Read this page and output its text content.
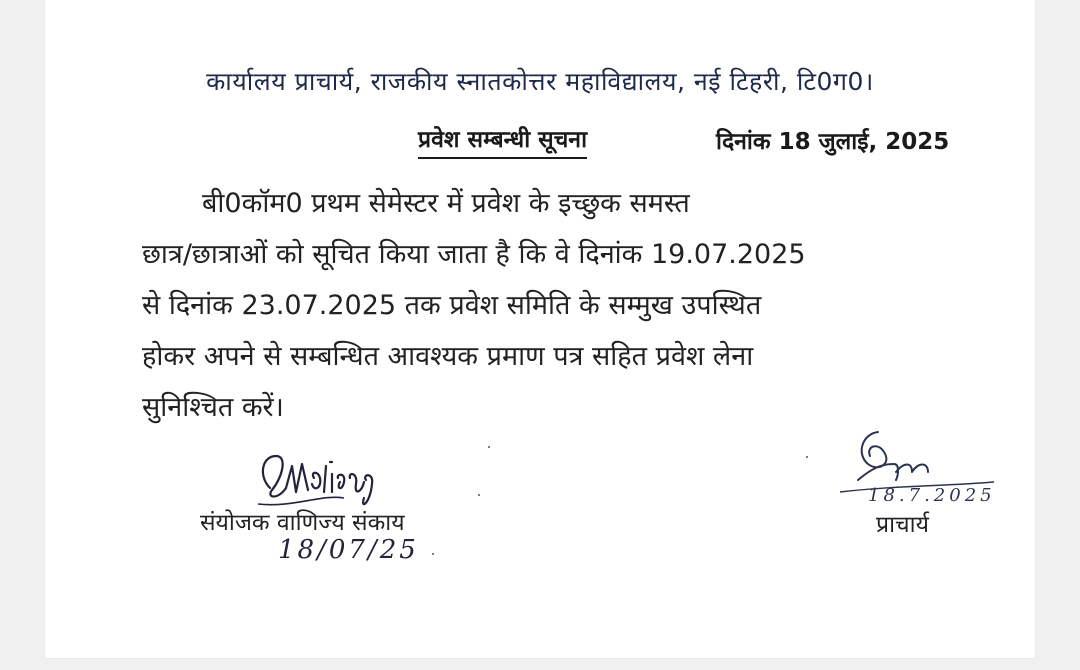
कार्यालय प्राचार्य, राजकीय स्नातकोत्तर महाविद्यालय, नई टिहरी, टि0ग0।
प्रवेश सम्बन्धी सूचना	दिनांक 18 जुलाई, 2025
बी0कॉम0 प्रथम सेमेस्टर में प्रवेश के इच्छुक समस्त
छात्र/छात्राओं को सूचित किया जाता है कि वे दिनांक 19.07.2025
से दिनांक 23.07.2025 तक प्रवेश समिति के सम्मुख उपस्थित
होकर अपने से सम्बन्धित आवश्यक प्रमाण पत्र सहित प्रवेश लेना
सुनिश्चित करें।
संयोजक वाणिज्य संकाय
18/07/25
18.7.2025
प्राचार्य
